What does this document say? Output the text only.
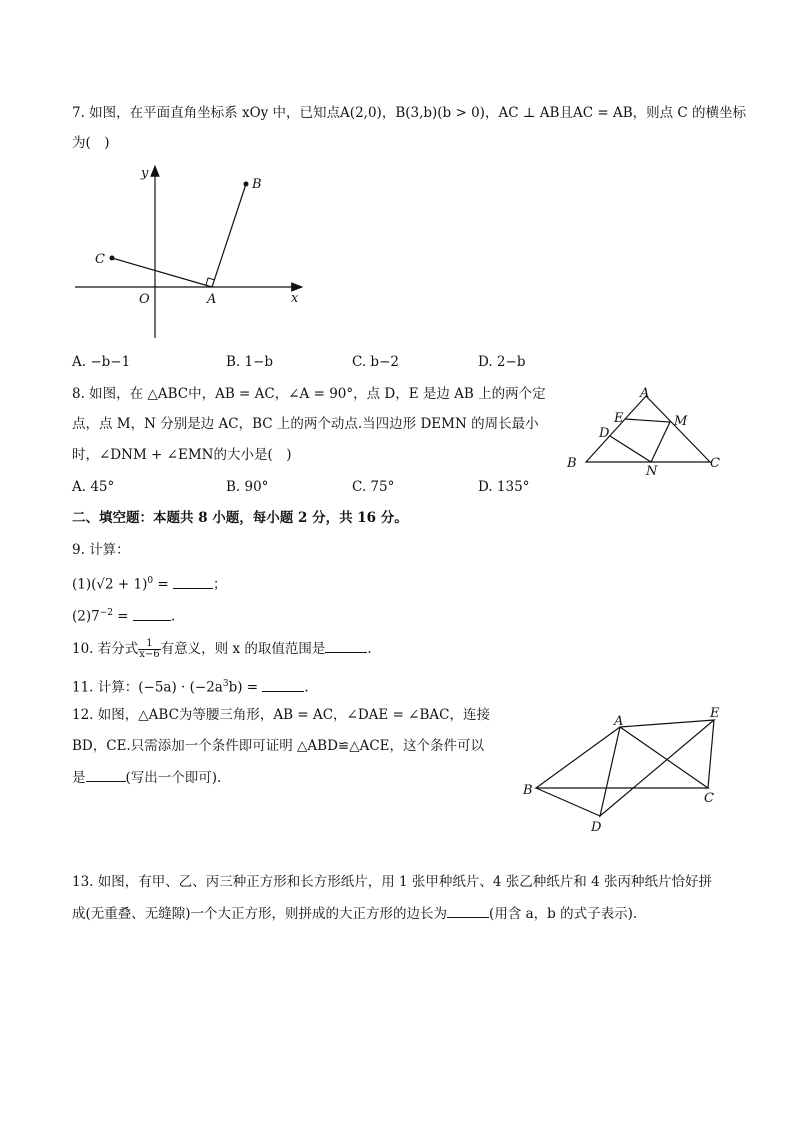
7. 如图，在平面直角坐标系 xOy 中，已知点A(2,0)，B(3,b)(b > 0)，AC ⊥ AB且AC = AB，则点 C 的横坐标
为(　)
y
x
O	A
B
C
A. −b−1	B. 1−b	C. b−2	D. 2−b
8. 如图，在 △ABC中，AB = AC，∠A = 90°，点 D，E 是边 AB 上的两个定
点，点 M，N 分别是边 AC，BC 上的两个动点.当四边形 DEMN 的周长最小
时，∠DNM + ∠EMN的大小是(　)
A
E	M
D
B
N
C
A. 45°	B. 90°	C. 75°	D. 135°
二、填空题：本题共 8 小题，每小题 2 分，共 16 分。
9. 计算：
$(1)(√2 + 1)^0$ =	；
$(2)7^{-2}$ =	.
10. 若分式 $\frac{1}{x-6}$ 有意义，则 x 的取值范围是	.
11. 计算：$(-5a) \cdot (-2a^3b)$ =	.
12. 如图，△ABC为等腰三角形，AB = AC，∠DAE = ∠BAC，连接
BD，CE.只需添加一个条件即可证明 △ABD≌△ACE，这个条件可以
是	(写出一个即可).
A
E
B
C
D
13. 如图，有甲、乙、丙三种正方形和长方形纸片，用 1 张甲种纸片、4 张乙种纸片和 4 张丙种纸片恰好拼
成(无重叠、无缝隙)一个大正方形，则拼成的大正方形的边长为	(用含 a，b 的式子表示).
